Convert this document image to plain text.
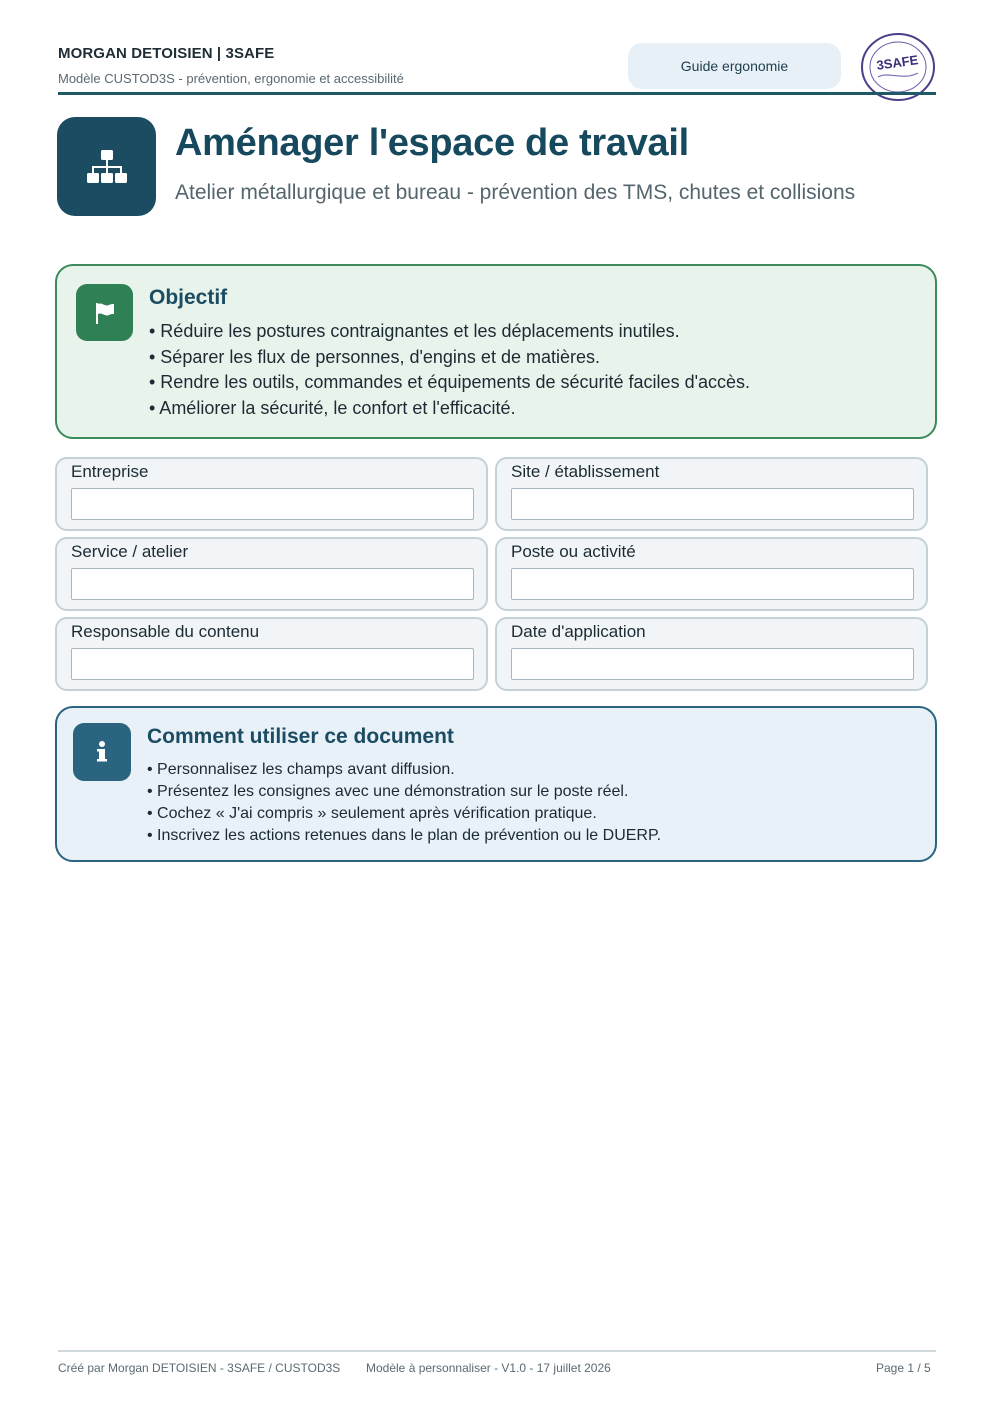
MORGAN DETOISIEN | 3SAFE
Modèle CUSTOD3S - prévention, ergonomie et accessibilité
Guide ergonomie	3SAFE
Aménager l'espace de travail
Atelier métallurgique et bureau - prévention des TMS, chutes et collisions
Objectif
• Réduire les postures contraignantes et les déplacements inutiles.
• Séparer les flux de personnes, d'engins et de matières.
• Rendre les outils, commandes et équipements de sécurité faciles d'accès.
• Améliorer la sécurité, le confort et l'efficacité.
Entreprise	Site / établissement
Service / atelier	Poste ou activité
Responsable du contenu	Date d'application
Comment utiliser ce document
• Personnalisez les champs avant diffusion.
• Présentez les consignes avec une démonstration sur le poste réel.
• Cochez « J'ai compris » seulement après vérification pratique.
• Inscrivez les actions retenues dans le plan de prévention ou le DUERP.
Créé par Morgan DETOISIEN - 3SAFE / CUSTOD3S Modèle à personnaliser - V1.0 - 17 juillet 2026	Page 1 / 5
